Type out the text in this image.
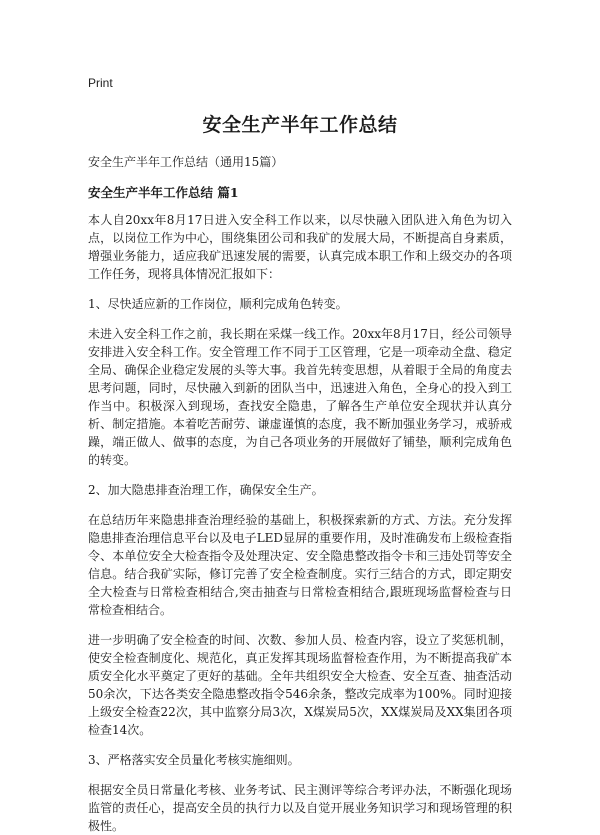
Print
安全生产半年工作总结

安全生产半年工作总结（通用15篇）

安全生产半年工作总结 篇1

本人自20xx年8月17日进入安全科工作以来，以尽快融入团队进入角色为切入点，以岗位工作为中心，围绕集团公司和我矿的发展大局，不断提高自身素质，增强业务能力，适应我矿迅速发展的需要，认真完成本职工作和上级交办的各项工作任务，现将具体情况汇报如下：

1、尽快适应新的工作岗位，顺利完成角色转变。

未进入安全科工作之前，我长期在采煤一线工作。20xx年8月17日，经公司领导安排进入安全科工作。安全管理工作不同于工区管理，它是一项牵动全盘、稳定全局、确保企业稳定发展的头等大事。我首先转变思想，从着眼于全局的角度去思考问题，同时，尽快融入到新的团队当中，迅速进入角色，全身心的投入到工作当中。积极深入到现场，查找安全隐患，了解各生产单位安全现状并认真分析、制定措施。本着吃苦耐劳、谦虚谨慎的态度，我不断加强业务学习，戒骄戒躁，端正做人、做事的态度，为自己各项业务的开展做好了铺垫，顺利完成角色的转变。

2、加大隐患排查治理工作，确保安全生产。

在总结历年来隐患排查治理经验的基础上，积极探索新的方式、方法。充分发挥隐患排查治理信息平台以及电子LED显屏的重要作用，及时准确发布上级检查指令、本单位安全大检查指令及处理决定、安全隐患整改指令卡和三违处罚等安全信息。结合我矿实际，修订完善了安全检查制度。实行三结合的方式，即定期安全大检查与日常检查相结合,突击抽查与日常检查相结合,跟班现场监督检查与日常检查相结合。

进一步明确了安全检查的时间、次数、参加人员、检查内容，设立了奖惩机制，使安全检查制度化、规范化，真正发挥其现场监督检查作用，为不断提高我矿本质安全化水平奠定了更好的基础。全年共组织安全大检查、安全互查、抽查活动50余次，下达各类安全隐患整改指令546余条，整改完成率为100%。同时迎接上级安全检查22次，其中监察分局3次，X煤炭局5次，XX煤炭局及XX集团各项检查14次。

3、严格落实安全员量化考核实施细则。

根据安全员日常量化考核、业务考试、民主测评等综合考评办法，不断强化现场监管的责任心，提高安全员的执行力以及自觉开展业务知识学习和现场管理的积极性。
